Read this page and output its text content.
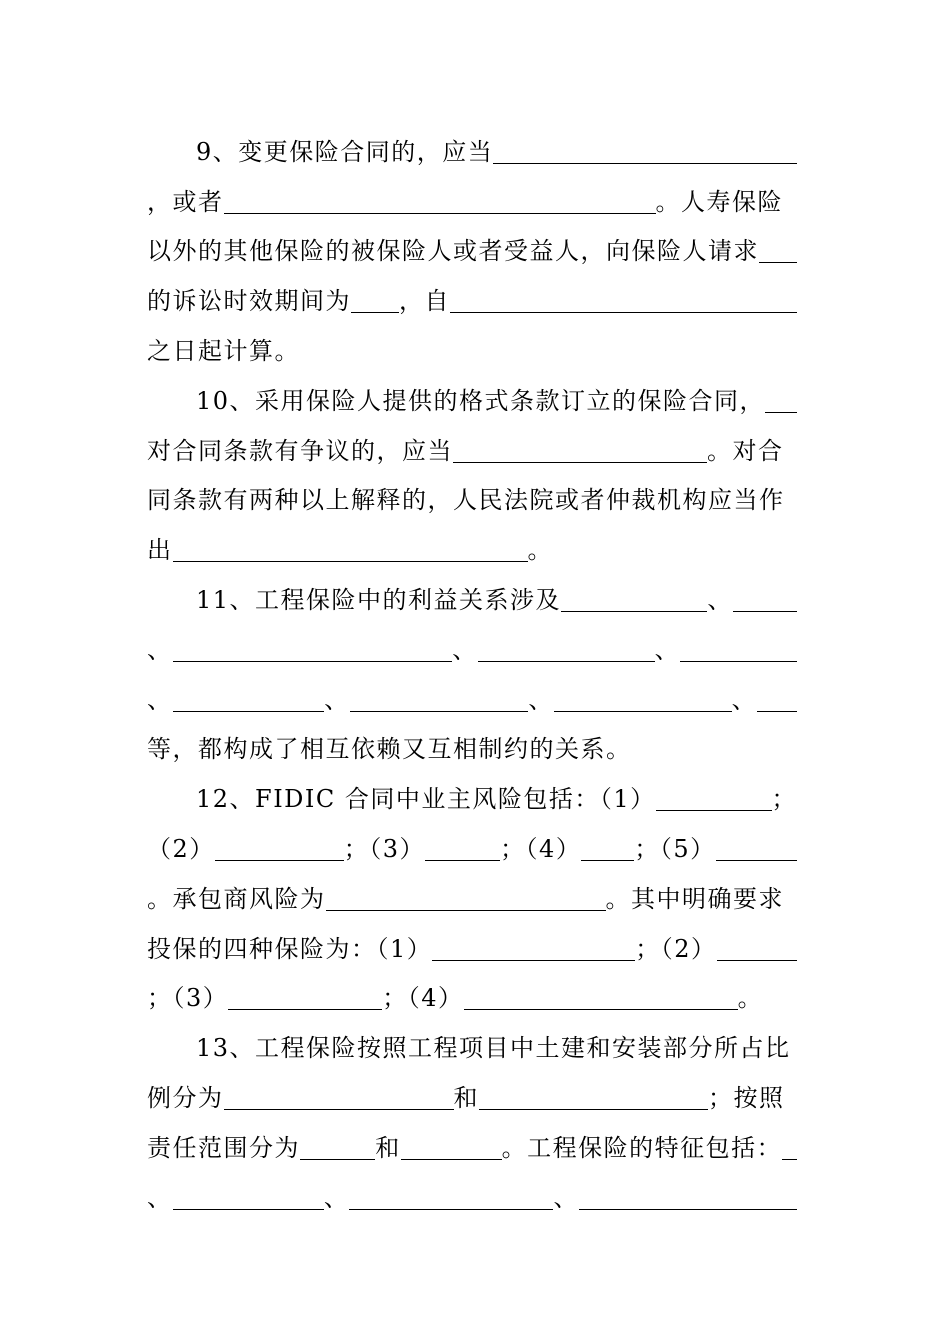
9、变更保险合同的，应当
，或者	。人寿保险
以外的其他保险的被保险人或者受益人，向保险人请求
的诉讼时效期间为 ，自
之日起计算。
10、采用保险人提供的格式条款订立的保险合同，
对合同条款有争议的，应当	。对合
同条款有两种以上解释的，人民法院或者仲裁机构应当作
出	。
11、工程保险中的利益关系涉及	、
、	、	、
、	、	、	、
等，都构成了相互依赖又互相制约的关系。
12、FIDIC 合同中业主风险包括：（1）	；
（2）	；（3）	；（4） ；（5）
。承包商风险为	。其中明确要求
投保的四种保险为：（1）	；（2）
；（3）	；（4）	。
13、工程保险按照工程项目中土建和安装部分所占比
例分为	和	；按照
责任范围分为	和	。工程保险的特征包括：
、	、	、
